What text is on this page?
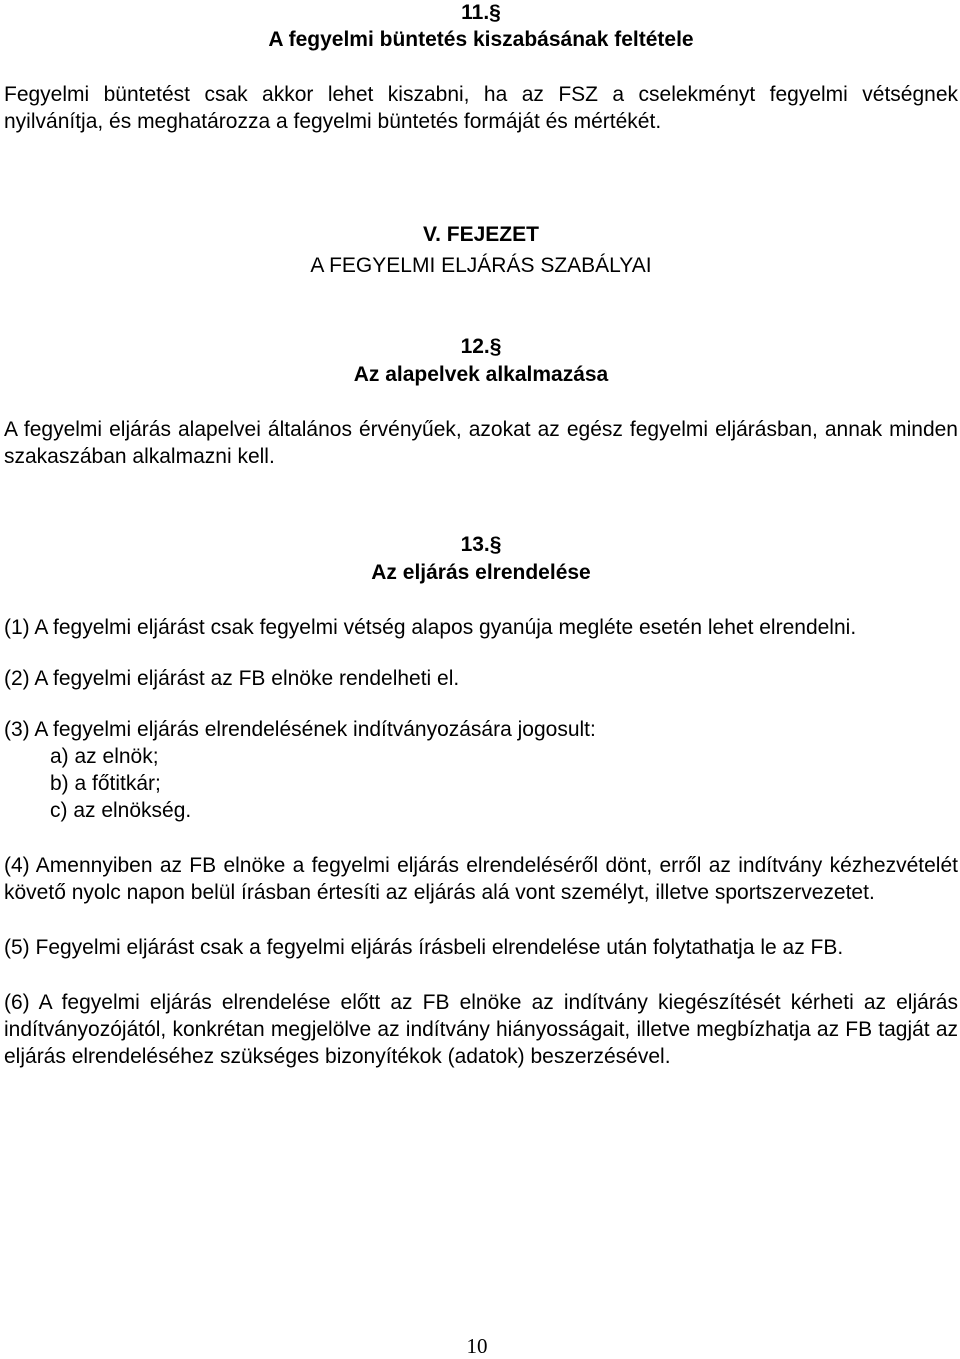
11.§

A fegyelmi büntetés kiszabásának feltétele

Fegyelmi büntetést csak akkor lehet kiszabni, ha az FSZ a cselekményt fegyelmi vétségnek nyilvánítja, és meghatározza a fegyelmi büntetés formáját és mértékét.

V. FEJEZET

A FEGYELMI ELJÁRÁS SZABÁLYAI

12.§

Az alapelvek alkalmazása

A fegyelmi eljárás alapelvei általános érvényűek, azokat az egész fegyelmi eljárásban, annak minden szakaszában alkalmazni kell.

13.§

Az eljárás elrendelése

(1) A fegyelmi eljárást csak fegyelmi vétség alapos gyanúja megléte esetén lehet elrendelni.

(2) A fegyelmi eljárást az FB elnöke rendelheti el.

(3) A fegyelmi eljárás elrendelésének indítványozására jogosult:

a) az elnök;
b) a főtitkár;
c) az elnökség.

(4) Amennyiben az FB elnöke a fegyelmi eljárás elrendeléséről dönt, erről az indítvány kézhezvételét követő nyolc napon belül írásban értesíti az eljárás alá vont személyt, illetve sportszervezetet.

(5) Fegyelmi eljárást csak a fegyelmi eljárás írásbeli elrendelése után folytathatja le az FB.

(6) A fegyelmi eljárás elrendelése előtt az FB elnöke az indítvány kiegészítését kérheti az eljárás indítványozójától, konkrétan megjelölve az indítvány hiányosságait, illetve megbízhatja az FB tagját az eljárás elrendeléséhez szükséges bizonyítékok (adatok) beszerzésével.

10
